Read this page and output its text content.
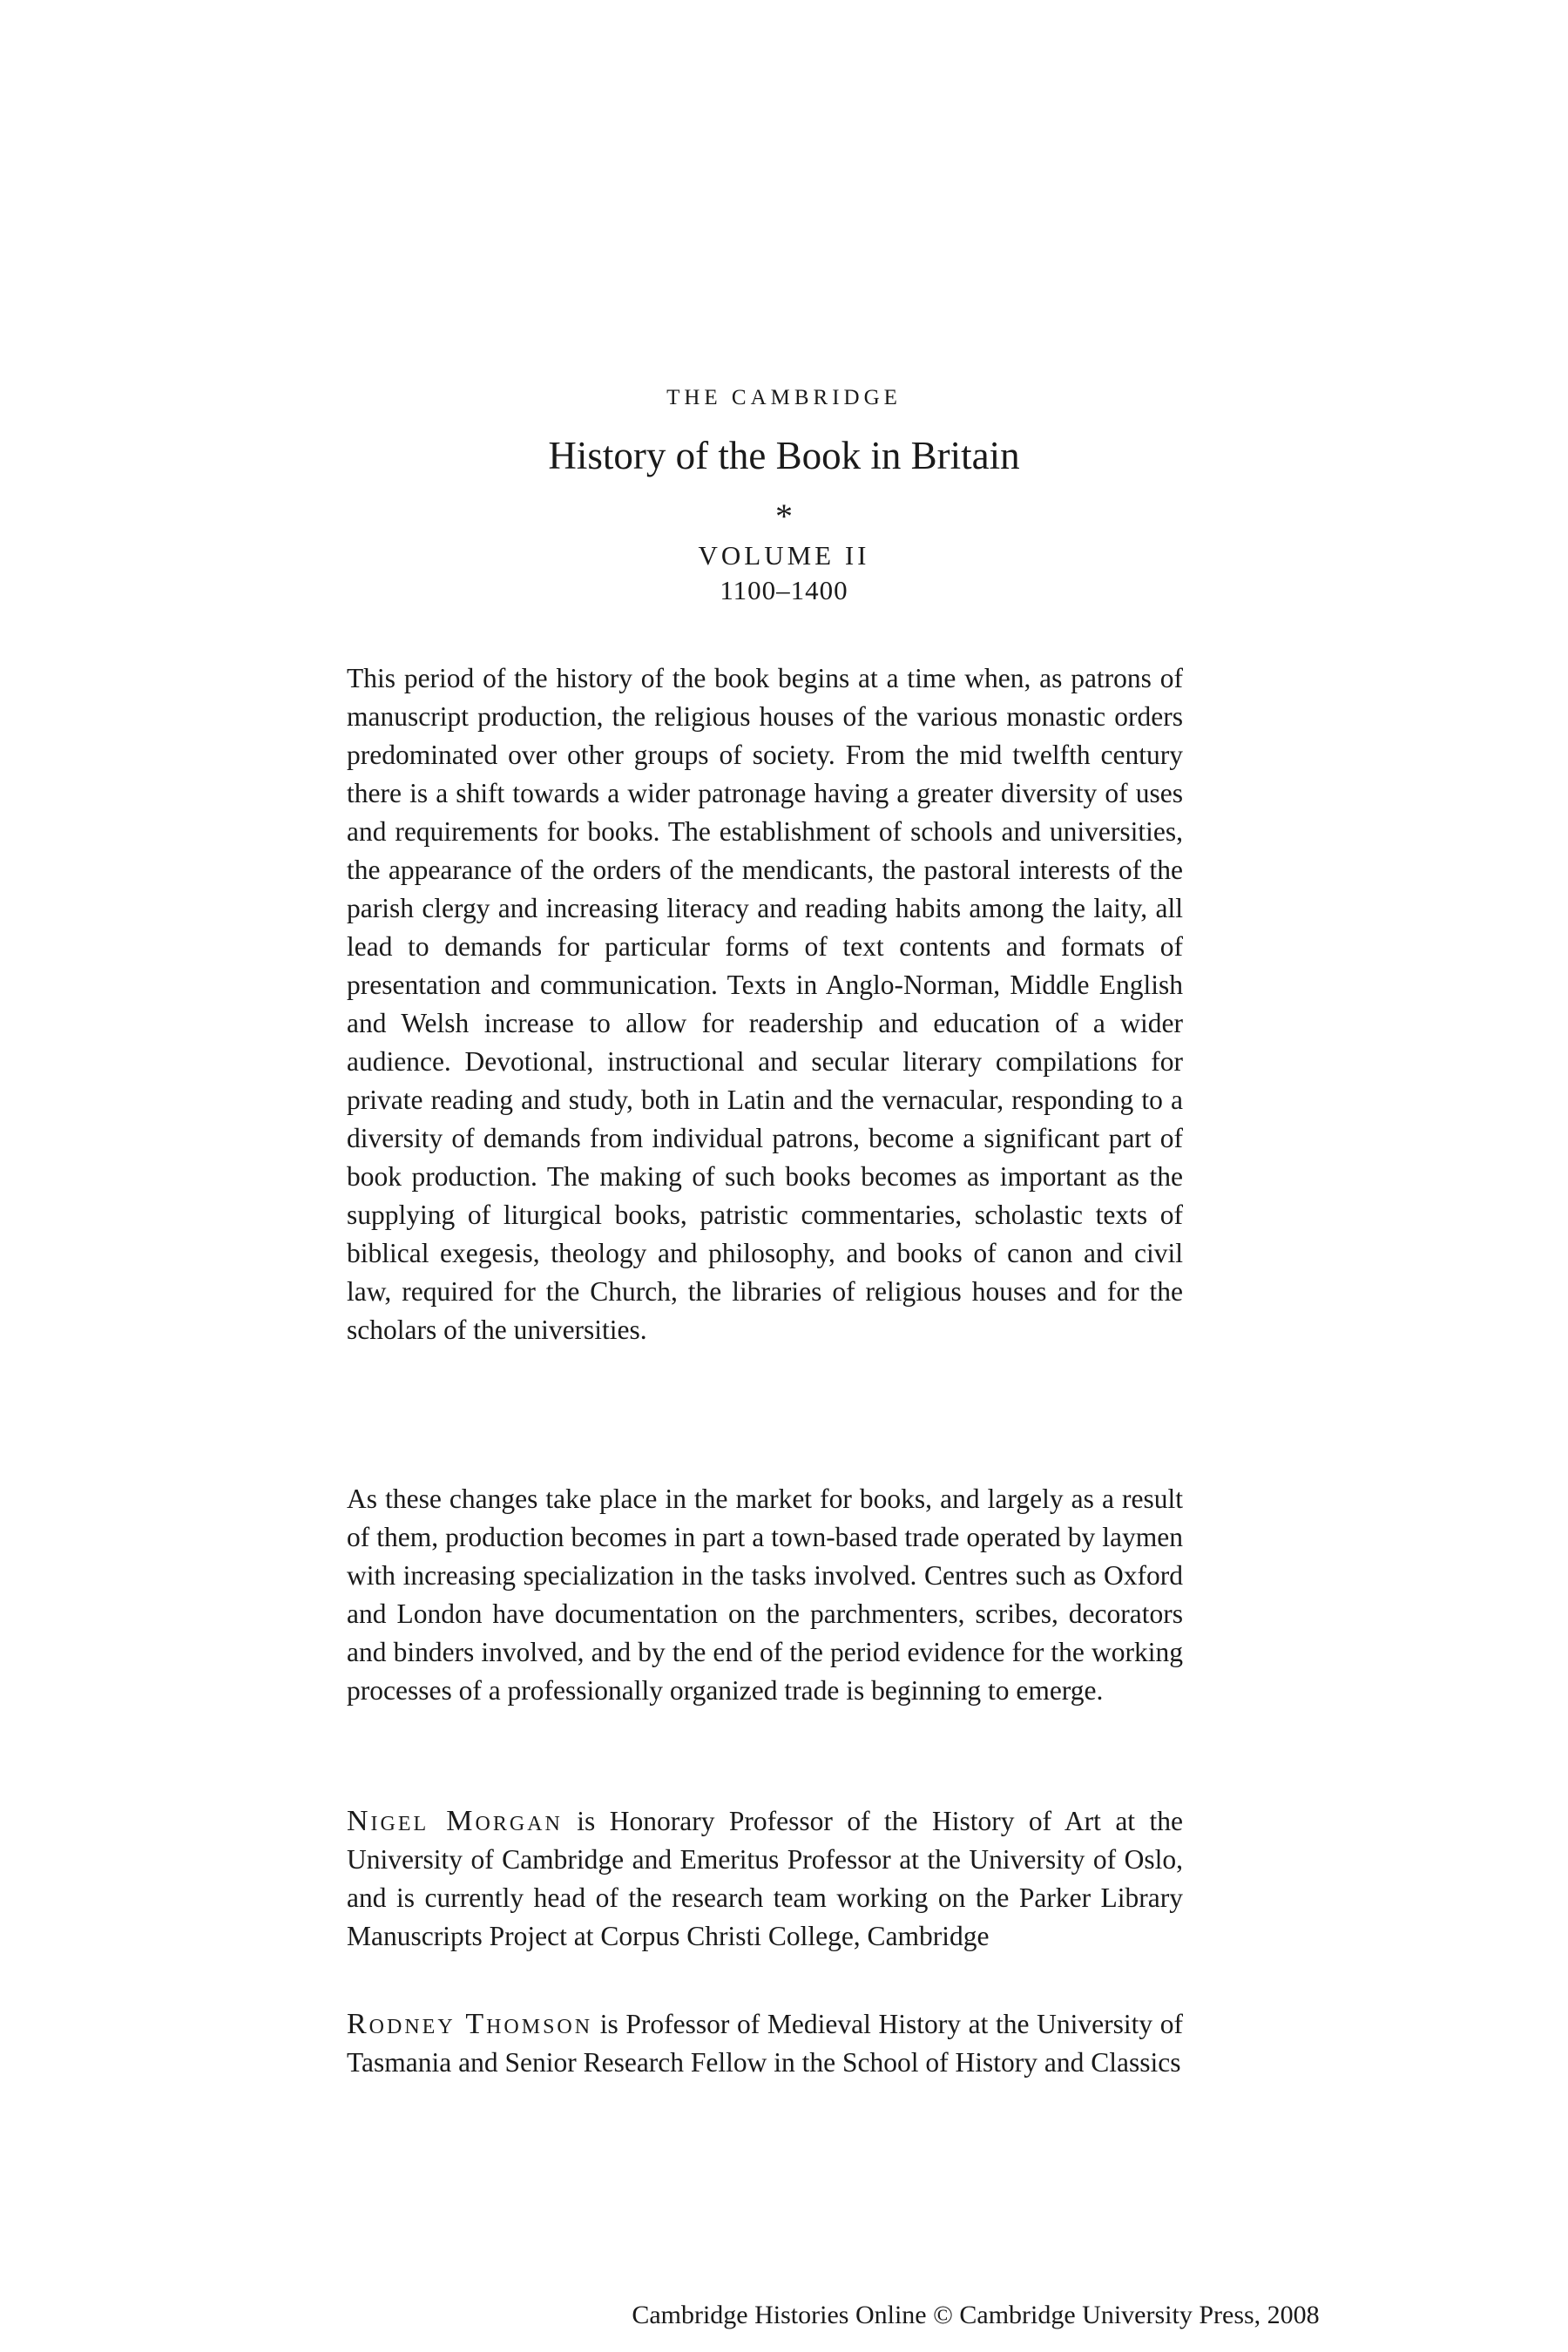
THE CAMBRIDGE
History of the Book in Britain
*
VOLUME II
1100–1400

This period of the history of the book begins at a time when, as patrons of manuscript production, the religious houses of the various monastic orders predominated over other groups of society. From the mid twelfth century there is a shift towards a wider patronage having a greater diversity of uses and requirements for books. The establishment of schools and universities, the appearance of the orders of the mendicants, the pastoral interests of the parish clergy and increasing literacy and reading habits among the laity, all lead to demands for particular forms of text contents and formats of presentation and communication. Texts in Anglo-Norman, Middle English and Welsh increase to allow for readership and education of a wider audience. Devotional, instructional and secular literary compilations for private reading and study, both in Latin and the vernacular, responding to a diversity of demands from individual patrons, become a significant part of book production. The making of such books becomes as important as the supplying of liturgical books, patristic commentaries, scholastic texts of biblical exegesis, theology and philosophy, and books of canon and civil law, required for the Church, the libraries of religious houses and for the scholars of the universities.

As these changes take place in the market for books, and largely as a result of them, production becomes in part a town-based trade operated by laymen with increasing specialization in the tasks involved. Centres such as Oxford and London have documentation on the parchmenters, scribes, decorators and binders involved, and by the end of the period evidence for the working processes of a professionally organized trade is beginning to emerge.

Nigel Morgan is Honorary Professor of the History of Art at the University of Cambridge and Emeritus Professor at the University of Oslo, and is currently head of the research team working on the Parker Library Manuscripts Project at Corpus Christi College, Cambridge

Rodney Thomson is Professor of Medieval History at the University of Tasmania and Senior Research Fellow in the School of History and Classics

Cambridge Histories Online © Cambridge University Press, 2008
